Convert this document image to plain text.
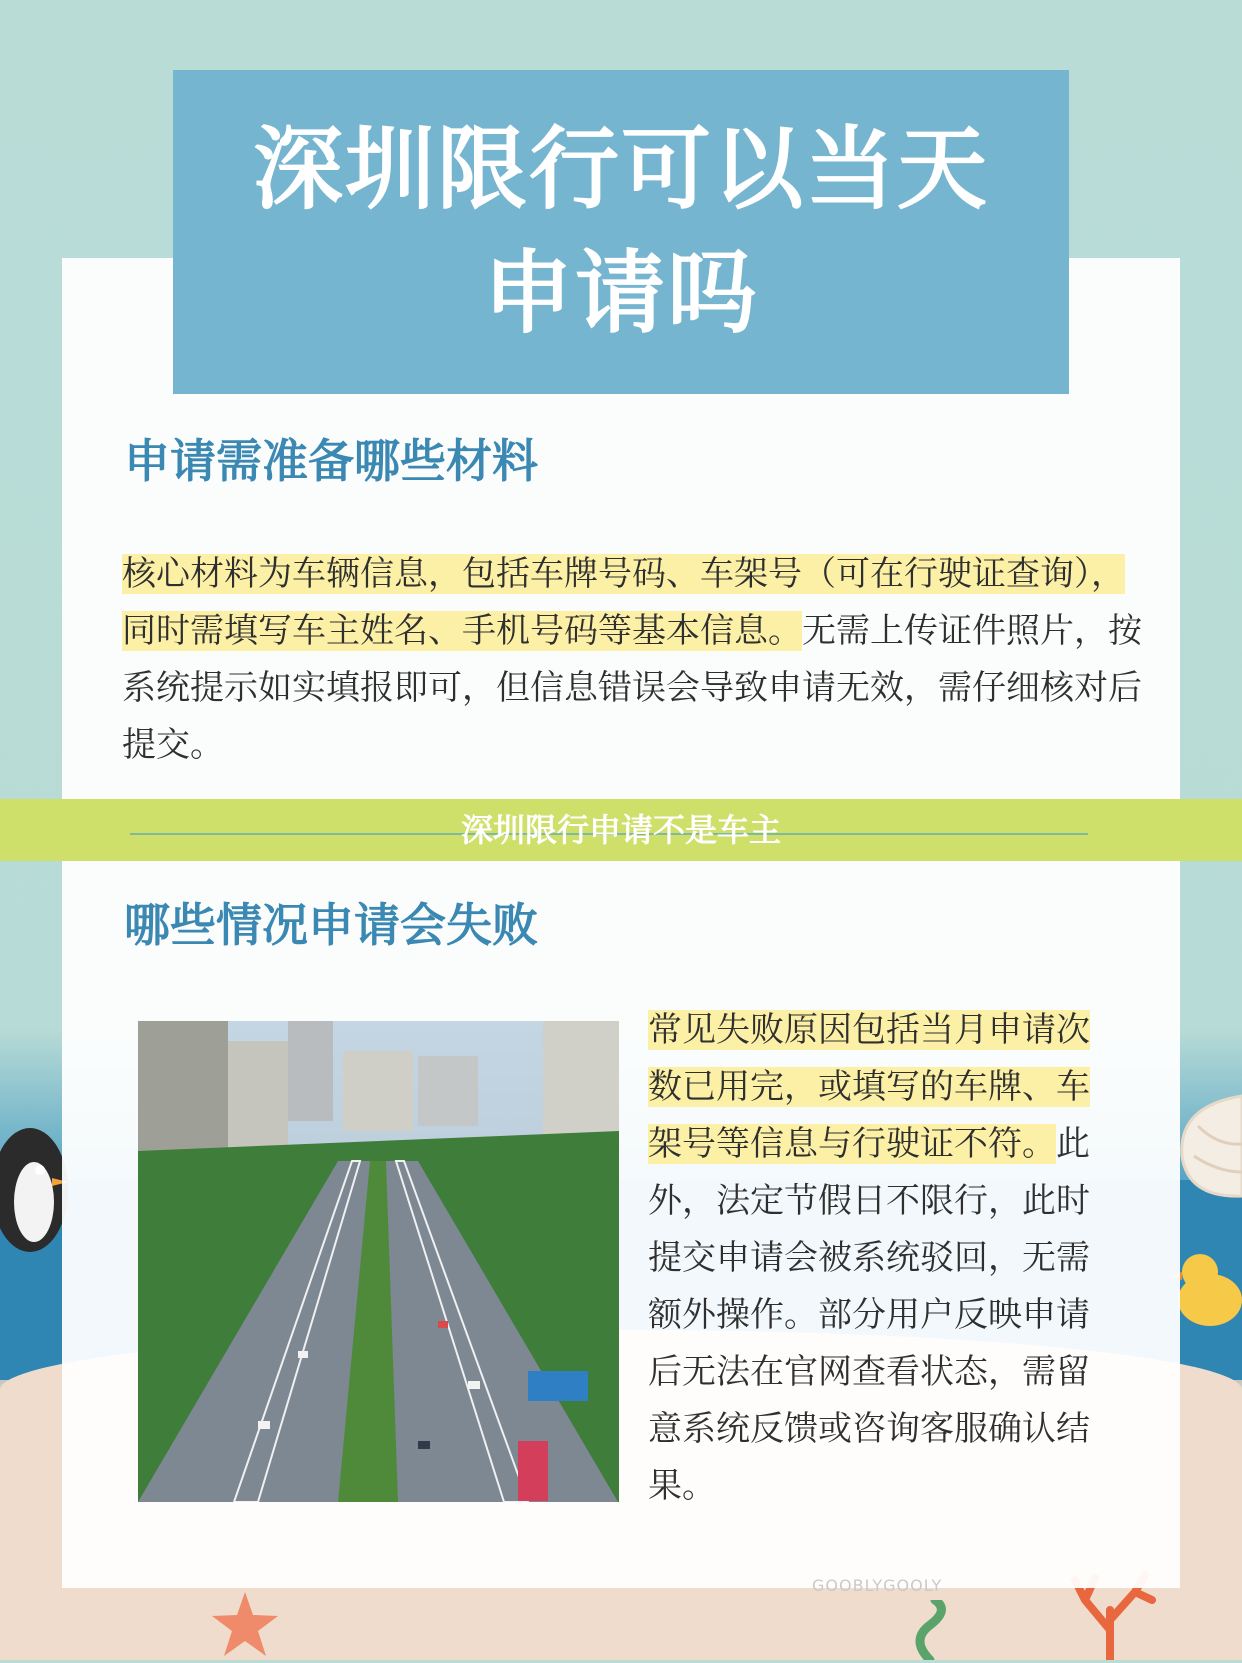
深圳限行可以当天申请吗
申请需准备哪些材料
核心材料为车辆信息，包括车牌号码、车架号（可在行驶证查询），同时需填写车主姓名、手机号码等基本信息。无需上传证件照片，按系统提示如实填报即可，但信息错误会导致申请无效，需仔细核对后提交。
深圳限行申请不是车主
哪些情况申请会失败
常见失败原因包括当月申请次数已用完，或填写的车牌、车架号等信息与行驶证不符。此外，法定节假日不限行，此时提交申请会被系统驳回，无需额外操作。部分用户反映申请后无法在官网查看状态，需留意系统反馈或咨询客服确认结果。
GOOBLYGOOLY
